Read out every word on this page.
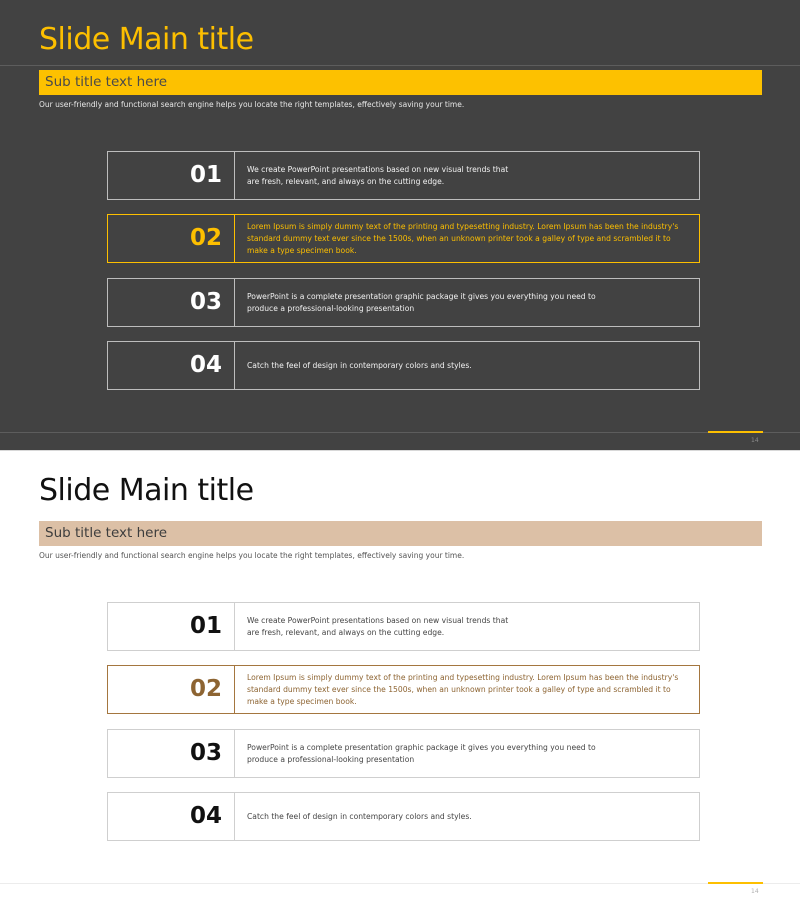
Slide Main title
Sub title text here
Our user-friendly and functional search engine helps you locate the right templates, effectively saving your time.
01	We create PowerPoint presentations based on new visual trends that
are fresh, relevant, and always on the cutting edge.
02	Lorem Ipsum is simply dummy text of the printing and typesetting industry. Lorem Ipsum has been the industry's standard dummy text ever since the 1500s, when an unknown printer took a galley of type and scrambled it to make a type specimen book.
03	PowerPoint is a complete presentation graphic package it gives you everything you need to
produce a professional-looking presentation
04	Catch the feel of design in contemporary colors and styles.
14
Slide Main title
Sub title text here
Our user-friendly and functional search engine helps you locate the right templates, effectively saving your time.
01	We create PowerPoint presentations based on new visual trends that
are fresh, relevant, and always on the cutting edge.
02	Lorem Ipsum is simply dummy text of the printing and typesetting industry. Lorem Ipsum has been the industry's standard dummy text ever since the 1500s, when an unknown printer took a galley of type and scrambled it to make a type specimen book.
03	PowerPoint is a complete presentation graphic package it gives you everything you need to
produce a professional-looking presentation
04	Catch the feel of design in contemporary colors and styles.
14
